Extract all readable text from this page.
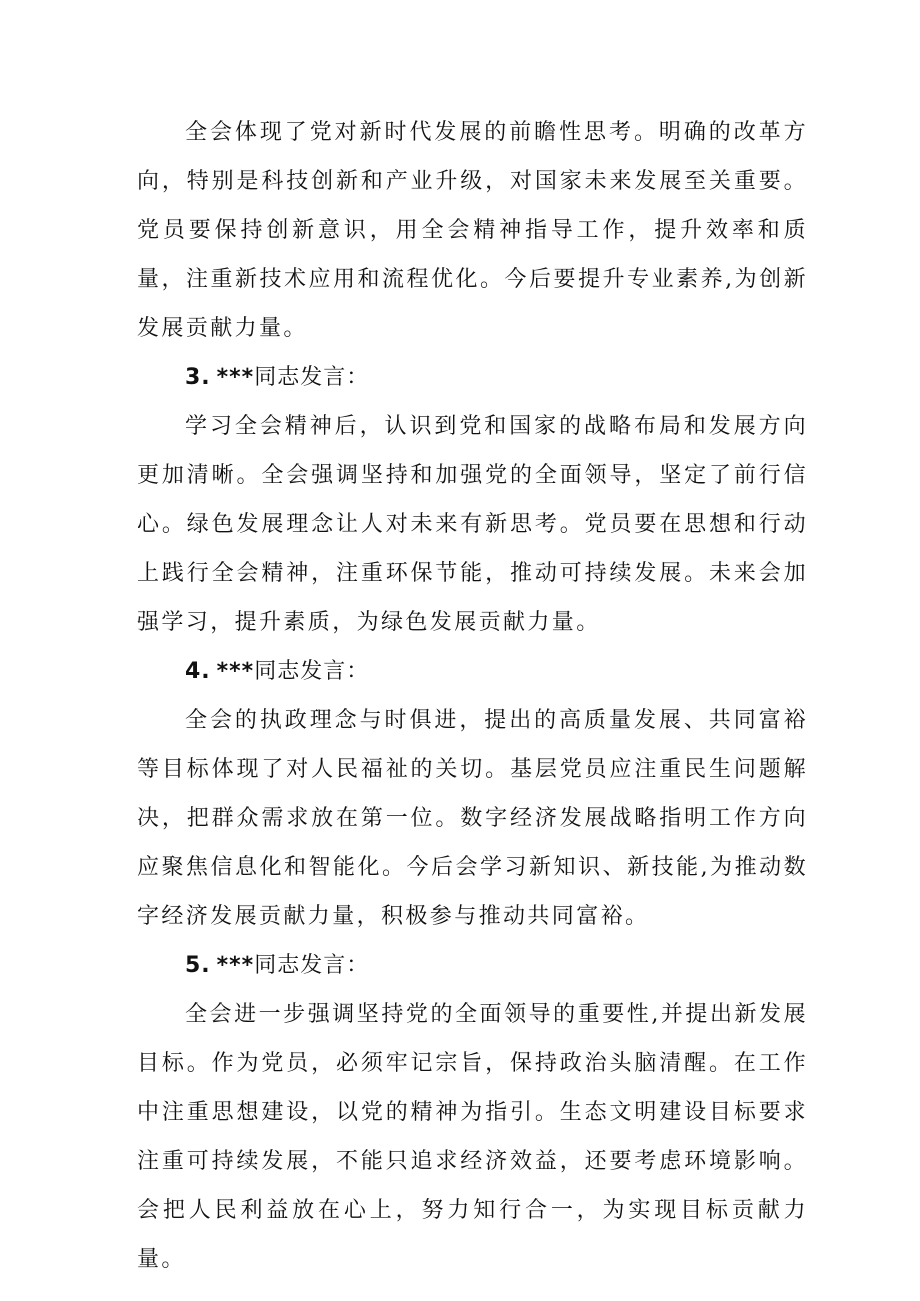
全会体现了党对新时代发展的前瞻性思考。明确的改革方向，特别是科技创新和产业升级，对国家未来发展至关重要。党员要保持创新意识，用全会精神指导工作，提升效率和质量，注重新技术应用和流程优化。今后要提升专业素养,为创新发展贡献力量。

3. ***同志发言：

学习全会精神后，认识到党和国家的战略布局和发展方向更加清晰。全会强调坚持和加强党的全面领导，坚定了前行信心。绿色发展理念让人对未来有新思考。党员要在思想和行动上践行全会精神，注重环保节能，推动可持续发展。未来会加强学习，提升素质，为绿色发展贡献力量。

4. ***同志发言：

全会的执政理念与时俱进，提出的高质量发展、共同富裕等目标体现了对人民福祉的关切。基层党员应注重民生问题解决，把群众需求放在第一位。数字经济发展战略指明工作方向应聚焦信息化和智能化。今后会学习新知识、新技能,为推动数字经济发展贡献力量，积极参与推动共同富裕。

5. ***同志发言：

全会进一步强调坚持党的全面领导的重要性,并提出新发展目标。作为党员，必须牢记宗旨，保持政治头脑清醒。在工作中注重思想建设，以党的精神为指引。生态文明建设目标要求注重可持续发展，不能只追求经济效益，还要考虑环境影响。会把人民利益放在心上，努力知行合一，为实现目标贡献力量。
